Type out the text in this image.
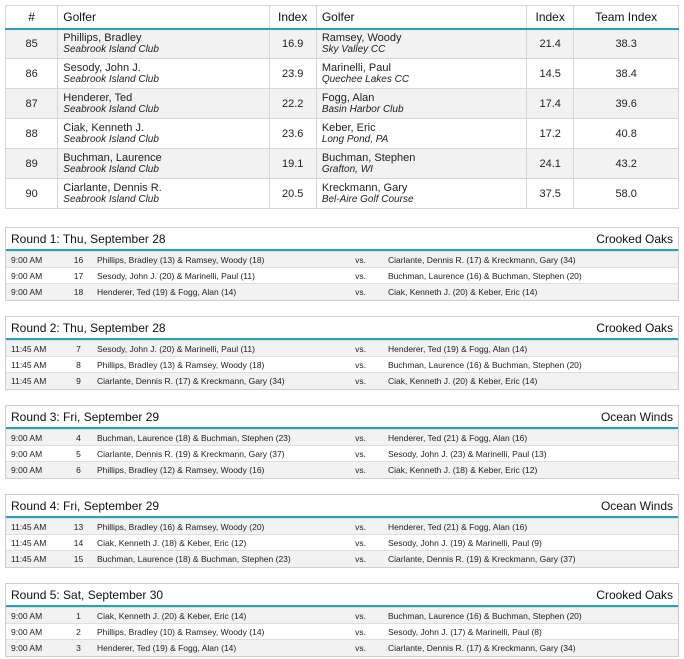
#	Golfer	Index	Golfer	Index	Team Index
85	Phillips, Bradley
Seabrook Island Club	16.9	Ramsey, Woody
Sky Valley CC	21.4	38.3
86	Sesody, John J.
Seabrook Island Club	23.9	Marinelli, Paul
Quechee Lakes CC	14.5	38.4
87	Henderer, Ted
Seabrook Island Club	22.2	Fogg, Alan
Basin Harbor Club	17.4	39.6
88	Ciak, Kenneth J.
Seabrook Island Club	23.6	Keber, Eric
Long Pond, PA	17.2	40.8
89	Buchman, Laurence
Seabrook Island Club	19.1	Buchman, Stephen
Grafton, WI	24.1	43.2
90	Ciarlante, Dennis R.
Seabrook Island Club	20.5	Kreckmann, Gary
Bel-Aire Golf Course	37.5	58.0
Round 1: Thu, September 28	Crooked Oaks
9:00 AM	16	Phillips, Bradley (13) & Ramsey, Woody (18)	vs.	Ciarlante, Dennis R. (17) & Kreckmann, Gary (34)
9:00 AM	17	Sesody, John J. (20) & Marinelli, Paul (11)	vs.	Buchman, Laurence (16) & Buchman, Stephen (20)
9:00 AM	18	Henderer, Ted (19) & Fogg, Alan (14)	vs.	Ciak, Kenneth J. (20) & Keber, Eric (14)
Round 2: Thu, September 28	Crooked Oaks
11:45 AM	7	Sesody, John J. (20) & Marinelli, Paul (11)	vs.	Henderer, Ted (19) & Fogg, Alan (14)
11:45 AM	8	Phillips, Bradley (13) & Ramsey, Woody (18)	vs.	Buchman, Laurence (16) & Buchman, Stephen (20)
11:45 AM	9	Ciarlante, Dennis R. (17) & Kreckmann, Gary (34)	vs.	Ciak, Kenneth J. (20) & Keber, Eric (14)
Round 3: Fri, September 29	Ocean Winds
9:00 AM	4	Buchman, Laurence (18) & Buchman, Stephen (23)	vs.	Henderer, Ted (21) & Fogg, Alan (16)
9:00 AM	5	Ciarlante, Dennis R. (19) & Kreckmann, Gary (37)	vs.	Sesody, John J. (23) & Marinelli, Paul (13)
9:00 AM	6	Phillips, Bradley (12) & Ramsey, Woody (16)	vs.	Ciak, Kenneth J. (18) & Keber, Eric (12)
Round 4: Fri, September 29	Ocean Winds
11:45 AM	13	Phillips, Bradley (16) & Ramsey, Woody (20)	vs.	Henderer, Ted (21) & Fogg, Alan (16)
11:45 AM	14	Ciak, Kenneth J. (18) & Keber, Eric (12)	vs.	Sesody, John J. (19) & Marinelli, Paul (9)
11:45 AM	15	Buchman, Laurence (18) & Buchman, Stephen (23)	vs.	Ciarlante, Dennis R. (19) & Kreckmann, Gary (37)
Round 5: Sat, September 30	Crooked Oaks
9:00 AM	1	Ciak, Kenneth J. (20) & Keber, Eric (14)	vs.	Buchman, Laurence (16) & Buchman, Stephen (20)
9:00 AM	2	Phillips, Bradley (10) & Ramsey, Woody (14)	vs.	Sesody, John J. (17) & Marinelli, Paul (8)
9:00 AM	3	Henderer, Ted (19) & Fogg, Alan (14)	vs.	Ciarlante, Dennis R. (17) & Kreckmann, Gary (34)
